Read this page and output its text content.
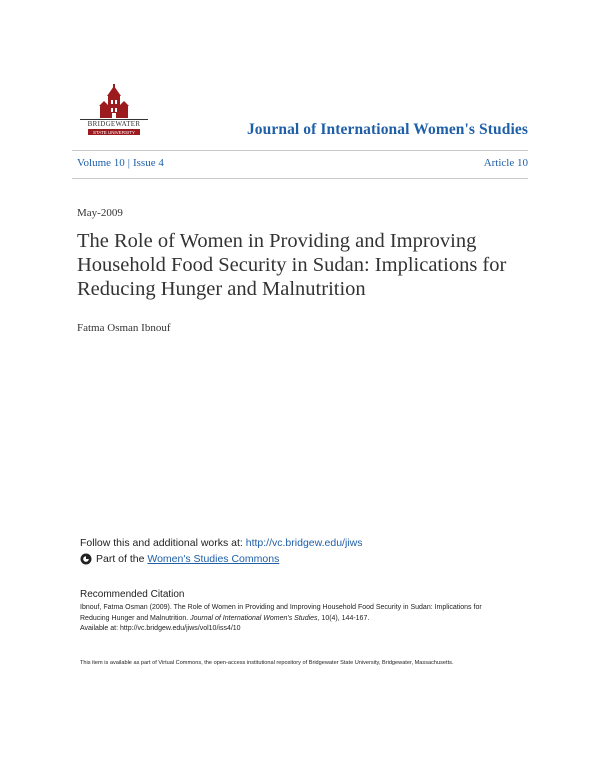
BRIDGEWATER
STATE UNIVERSITY	Journal of International Women's Studies
Volume 10 | Issue 4	Article 10
May-2009
The Role of Women in Providing and Improving Household Food Security in Sudan: Implications for Reducing Hunger and Malnutrition
Fatma Osman Ibnouf
Follow this and additional works at: http://vc.bridgew.edu/jiws
Part of the
Women's Studies Commons
Recommended Citation
Ibnouf, Fatma Osman (2009). The Role of Women in Providing and Improving Household Food Security in Sudan: Implications for
Reducing Hunger and Malnutrition. Journal of International Women's Studies, 10(4), 144-167.
Available at: http://vc.bridgew.edu/jiws/vol10/iss4/10
This item is available as part of Virtual Commons, the open-access institutional repository of Bridgewater State University, Bridgewater, Massachusetts.
